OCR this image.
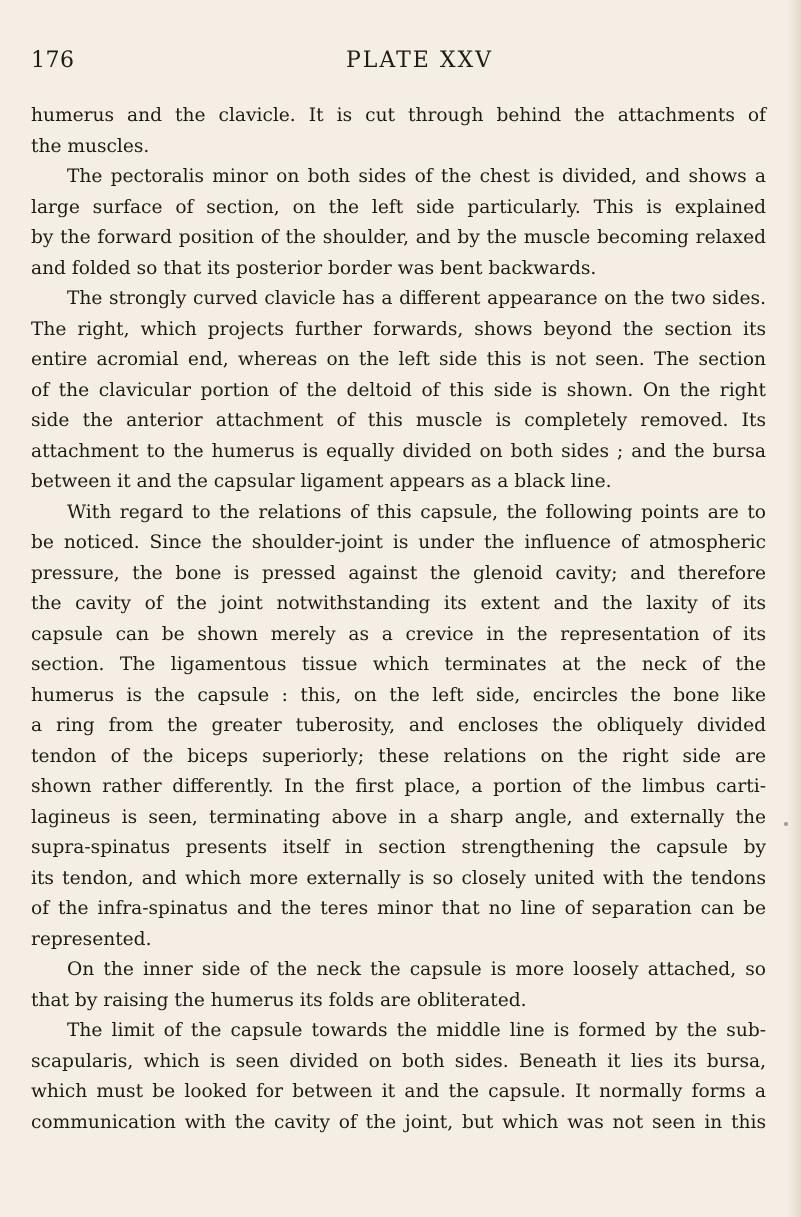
176	PLATE XXV
humerus and the clavicle. It is cut through behind the attachments of
the muscles.
The pectoralis minor on both sides of the chest is divided, and shows a
large surface of section, on the left side particularly. This is explained
by the forward position of the shoulder, and by the muscle becoming relaxed
and folded so that its posterior border was bent backwards.
The strongly curved clavicle has a different appearance on the two sides.
The right, which projects further forwards, shows beyond the section its
entire acromial end, whereas on the left side this is not seen. The section
of the clavicular portion of the deltoid of this side is shown. On the right
side the anterior attachment of this muscle is completely removed. Its
attachment to the humerus is equally divided on both sides ; and the bursa
between it and the capsular ligament appears as a black line.
With regard to the relations of this capsule, the following points are to
be noticed. Since the shoulder-joint is under the influence of atmospheric
pressure, the bone is pressed against the glenoid cavity; and therefore
the cavity of the joint notwithstanding its extent and the laxity of its
capsule can be shown merely as a crevice in the representation of its
section. The ligamentous tissue which terminates at the neck of the
humerus is the capsule : this, on the left side, encircles the bone like
a ring from the greater tuberosity, and encloses the obliquely divided
tendon of the biceps superiorly; these relations on the right side are
shown rather differently. In the first place, a portion of the limbus carti-
lagineus is seen, terminating above in a sharp angle, and externally the
supra-spinatus presents itself in section strengthening the capsule by
its tendon, and which more externally is so closely united with the tendons
of the infra-spinatus and the teres minor that no line of separation can be
represented.
On the inner side of the neck the capsule is more loosely attached, so
that by raising the humerus its folds are obliterated.
The limit of the capsule towards the middle line is formed by the sub-
scapularis, which is seen divided on both sides. Beneath it lies its bursa,
which must be looked for between it and the capsule. It normally forms a
communication with the cavity of the joint, but which was not seen in this
